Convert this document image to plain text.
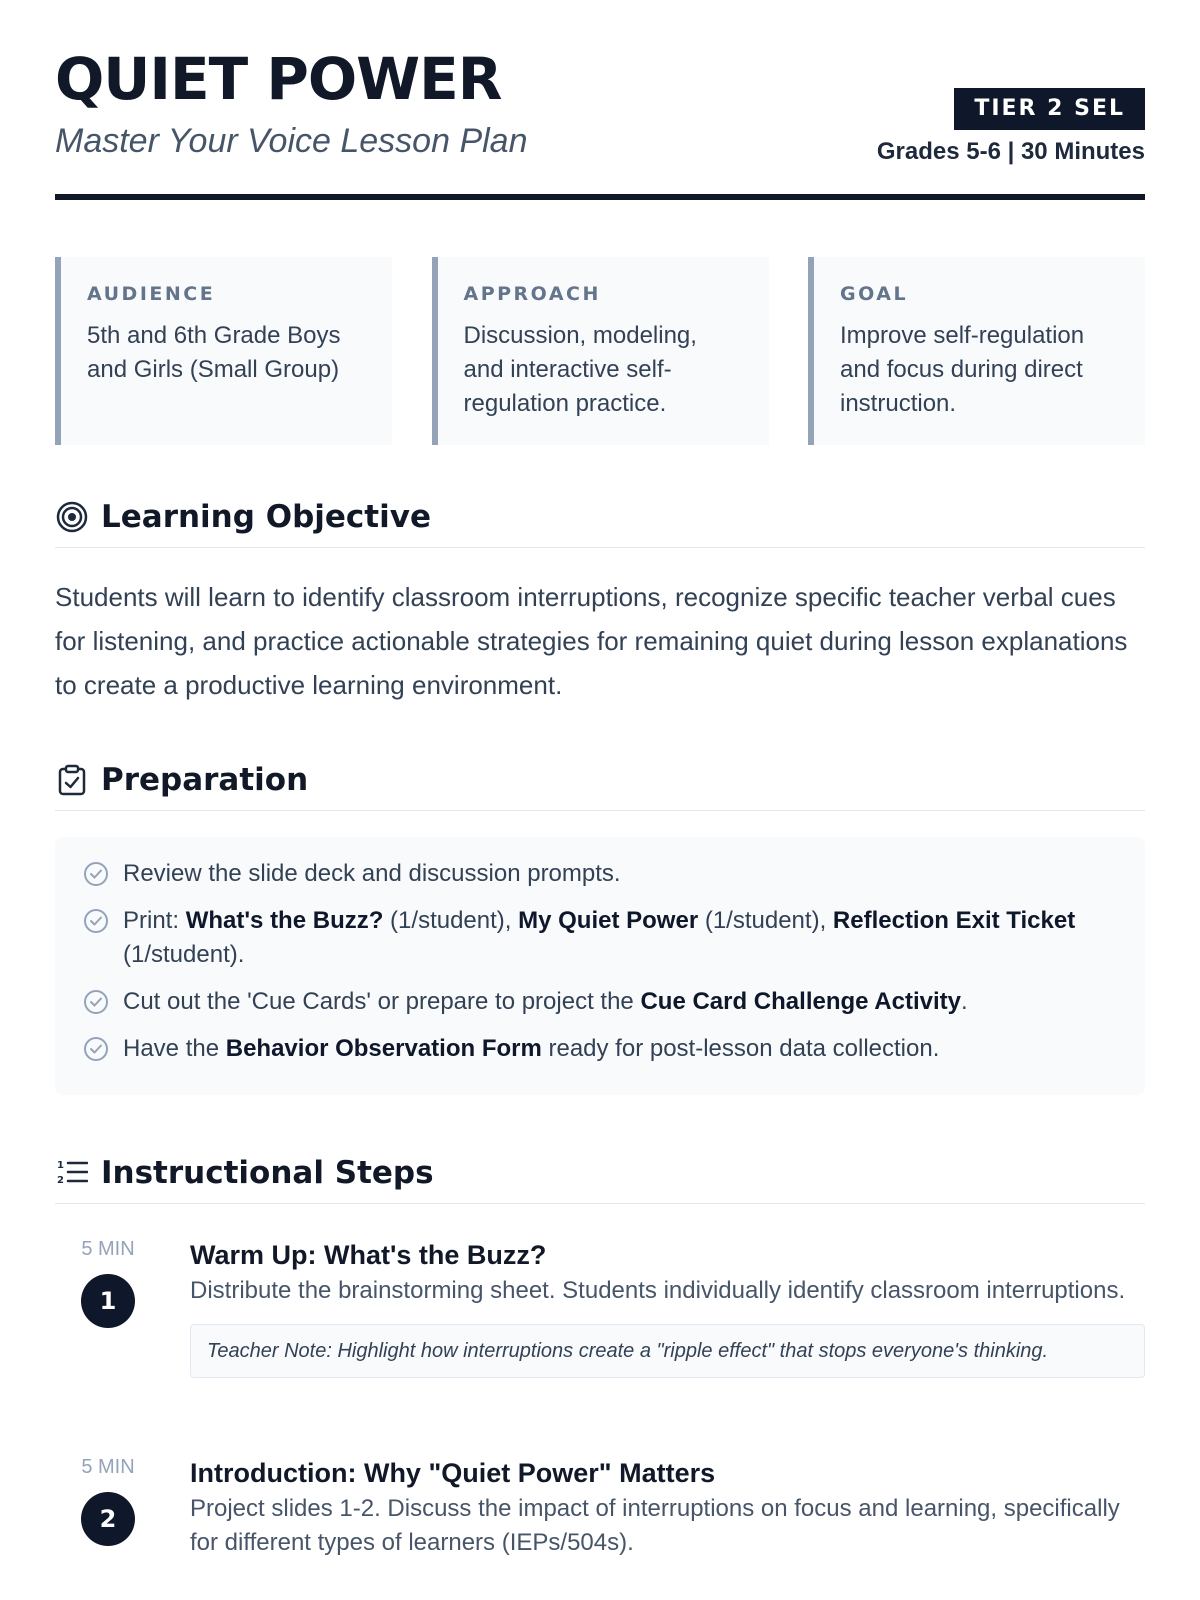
QUIET POWER
Master Your Voice Lesson Plan
TIER 2 SEL
Grades 5-6 | 30 Minutes
AUDIENCE
5th and 6th Grade Boys and Girls (Small Group)
APPROACH
Discussion, modeling, and interactive self-regulation practice.
GOAL
Improve self-regulation and focus during direct instruction.
Learning Objective
Students will learn to identify classroom interruptions, recognize specific teacher verbal cues for listening, and practice actionable strategies for remaining quiet during lesson explanations to create a productive learning environment.
Preparation
Review the slide deck and discussion prompts.
Print: What's the Buzz? (1/student), My Quiet Power (1/student), Reflection Exit Ticket (1/student).
Cut out the 'Cue Cards' or prepare to project the Cue Card Challenge Activity.
Have the Behavior Observation Form ready for post-lesson data collection.
1
2 Instructional Steps
5 MIN
1
Warm Up: What's the Buzz?
Distribute the brainstorming sheet. Students individually identify classroom interruptions.
Teacher Note: Highlight how interruptions create a "ripple effect" that stops everyone's thinking.
5 MIN
2
Introduction: Why "Quiet Power" Matters
Project slides 1-2. Discuss the impact of interruptions on focus and learning, specifically for different types of learners (IEPs/504s).
